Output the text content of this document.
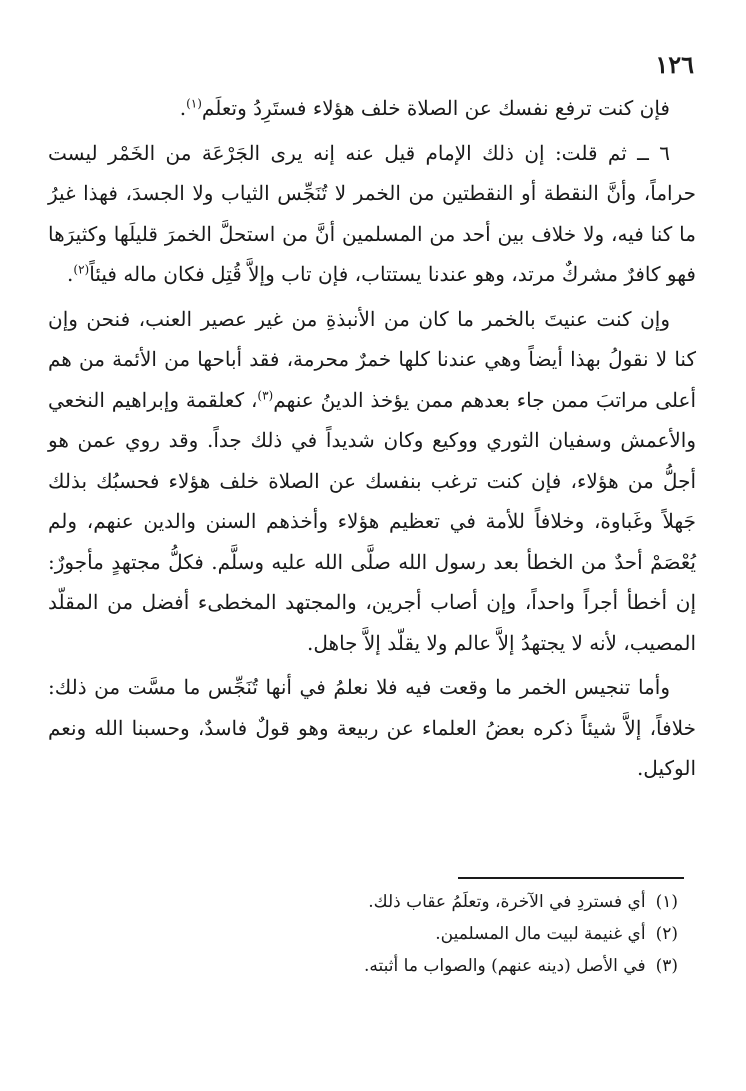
١٢٦

فإن كنت ترفع نفسك عن الصلاة خلف هؤلاء فستَرِدُ وتعلَم$^{(١)}$.

٦ ــ ثم قلت: إن ذلك الإمام قيل عنه إنه يرى الجَرْعَة من الخَمْر ليست حراماً، وأنَّ النقطة أو النقطتين من الخمر لا تُنَجِّس الثياب ولا الجسدَ، فهذا غيرُ ما كنا فيه، ولا خلاف بين أحد من المسلمين أنَّ من استحلَّ الخمرَ قليلَها وكثيرَها فهو كافرٌ مشركٌ مرتد، وهو عندنا يستتاب، فإن تاب وإلاَّ قُتِل فكان ماله فيئاً$^{(٢)}$.

وإن كنت عنيتَ بالخمر ما كان من الأنبذةِ من غير عصير العنب، فنحن وإن كنا لا نقولُ بهذا أيضاً وهي عندنا كلها خمرٌ محرمة، فقد أباحها من الأئمة من هم أعلى مراتبَ ممن جاء بعدهم ممن يؤخذ الدينُ عنهم$^{(٣)}$، كعلقمة وإبراهيم النخعي والأعمش وسفيان الثوري ووكيع وكان شديداً في ذلك جداً. وقد روي عمن هو أجلُّ من هؤلاء، فإن كنت ترغب بنفسك عن الصلاة خلف هؤلاء فحسبُك بذلك جَهلاً وغَباوة، وخلافاً للأمة في تعظيم هؤلاء وأخذهم السنن والدين عنهم، ولم يُعْصَمْ أحدٌ من الخطأ بعد رسول الله صلَّى الله عليه وسلَّم. فكلُّ مجتهدٍ مأجورٌ: إن أخطأ أجراً واحداً، وإن أصاب أجرين، والمجتهد المخطىء أفضل من المقلّد المصيب، لأنه لا يجتهدُ إلاَّ عالم ولا يقلّد إلاَّ جاهل.

وأما تنجيس الخمر ما وقعت فيه فلا نعلمُ في أنها تُنَجِّس ما مسَّت من ذلك: خلافاً، إلاَّ شيئاً ذكره بعضُ العلماء عن ربيعة وهو قولٌ فاسدٌ، وحسبنا الله ونعم الوكيل.

(١)أي فستردِ في الآخرة، وتعلَمُ عقاب ذلك.
(٢)أي غنيمة لبيت مال المسلمين.
(٣)في الأصل (دينه عنهم) والصواب ما أثبته.
